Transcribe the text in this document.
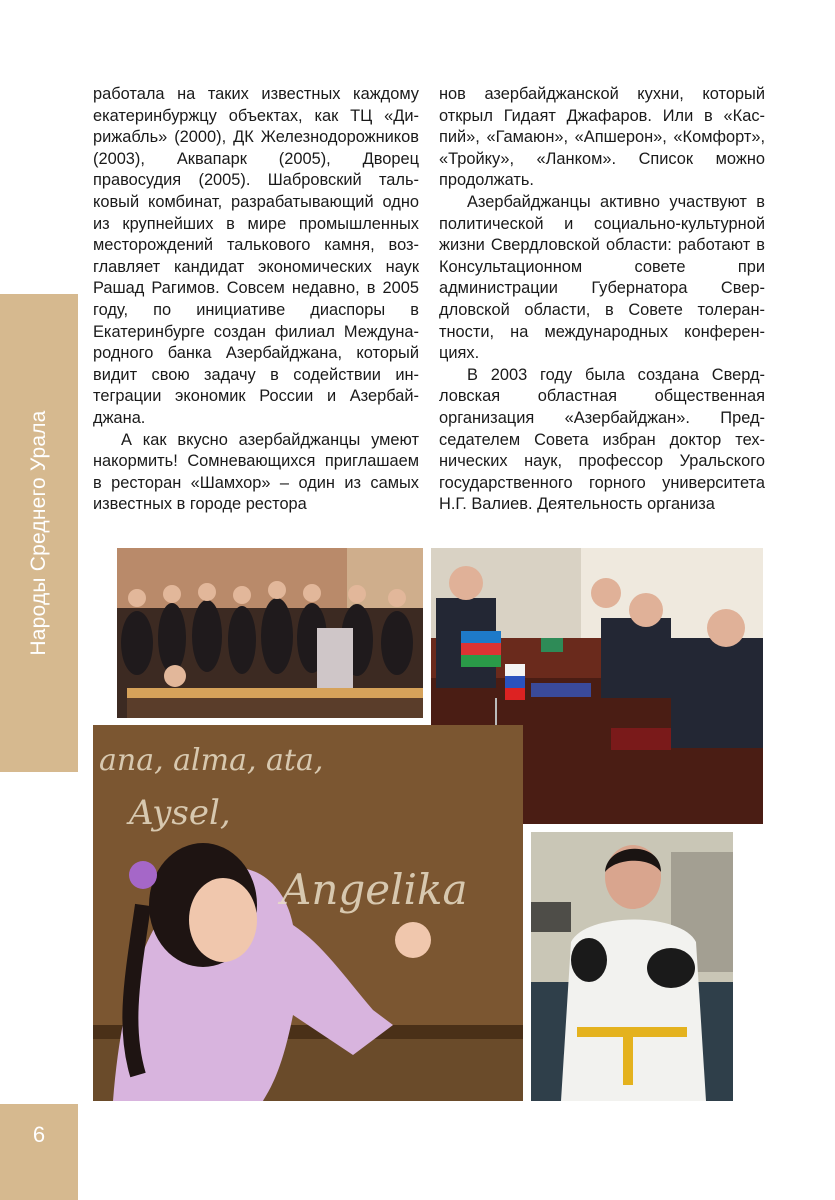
Народы Среднего Урала

работала на таких известных каждому екатеринбуржцу объектах, как ТЦ «Дирижабль» (2000), ДК Железнодорожников (2003), Аквапарк (2005), Дворец правосудия (2005). Шабровский тальковый комбинат, разрабатывающий одно из крупнейших в мире промышленных месторождений талькового камня, возглавляет кандидат экономических наук Рашад Рагимов. Совсем недавно, в 2005 году, по инициативе диаспоры в Екатеринбурге создан филиал Международного банка Азербайджана, который видит свою задачу в содействии интеграции экономик России и Азербайджана.

А как вкусно азербайджанцы умеют накормить! Сомневающихся приглашаем в ресторан «Шамхор» – один из самых известных в городе рестора

нов азербайджанской кухни, который открыл Гидаят Джафаров. Или в «Каспий», «Гамаюн», «Апшерон», «Комфорт», «Тройку», «Ланком». Список можно продолжать.

Азербайджанцы активно участвуют в политической и социально-культурной жизни Свердловской области: работают в Консультационном совете при администрации Губернатора Свердловской области, в Совете толерантности, на международных конференциях.

В 2003 году была создана Свердловская областная общественная организация «Азербайджан». Председателем Совета избран доктор технических наук, профессор Уральского государственного горного университета Н.Г. Валиев. Деятельность организа

ana, alma, ata,
Aysel,
Angelika
6
